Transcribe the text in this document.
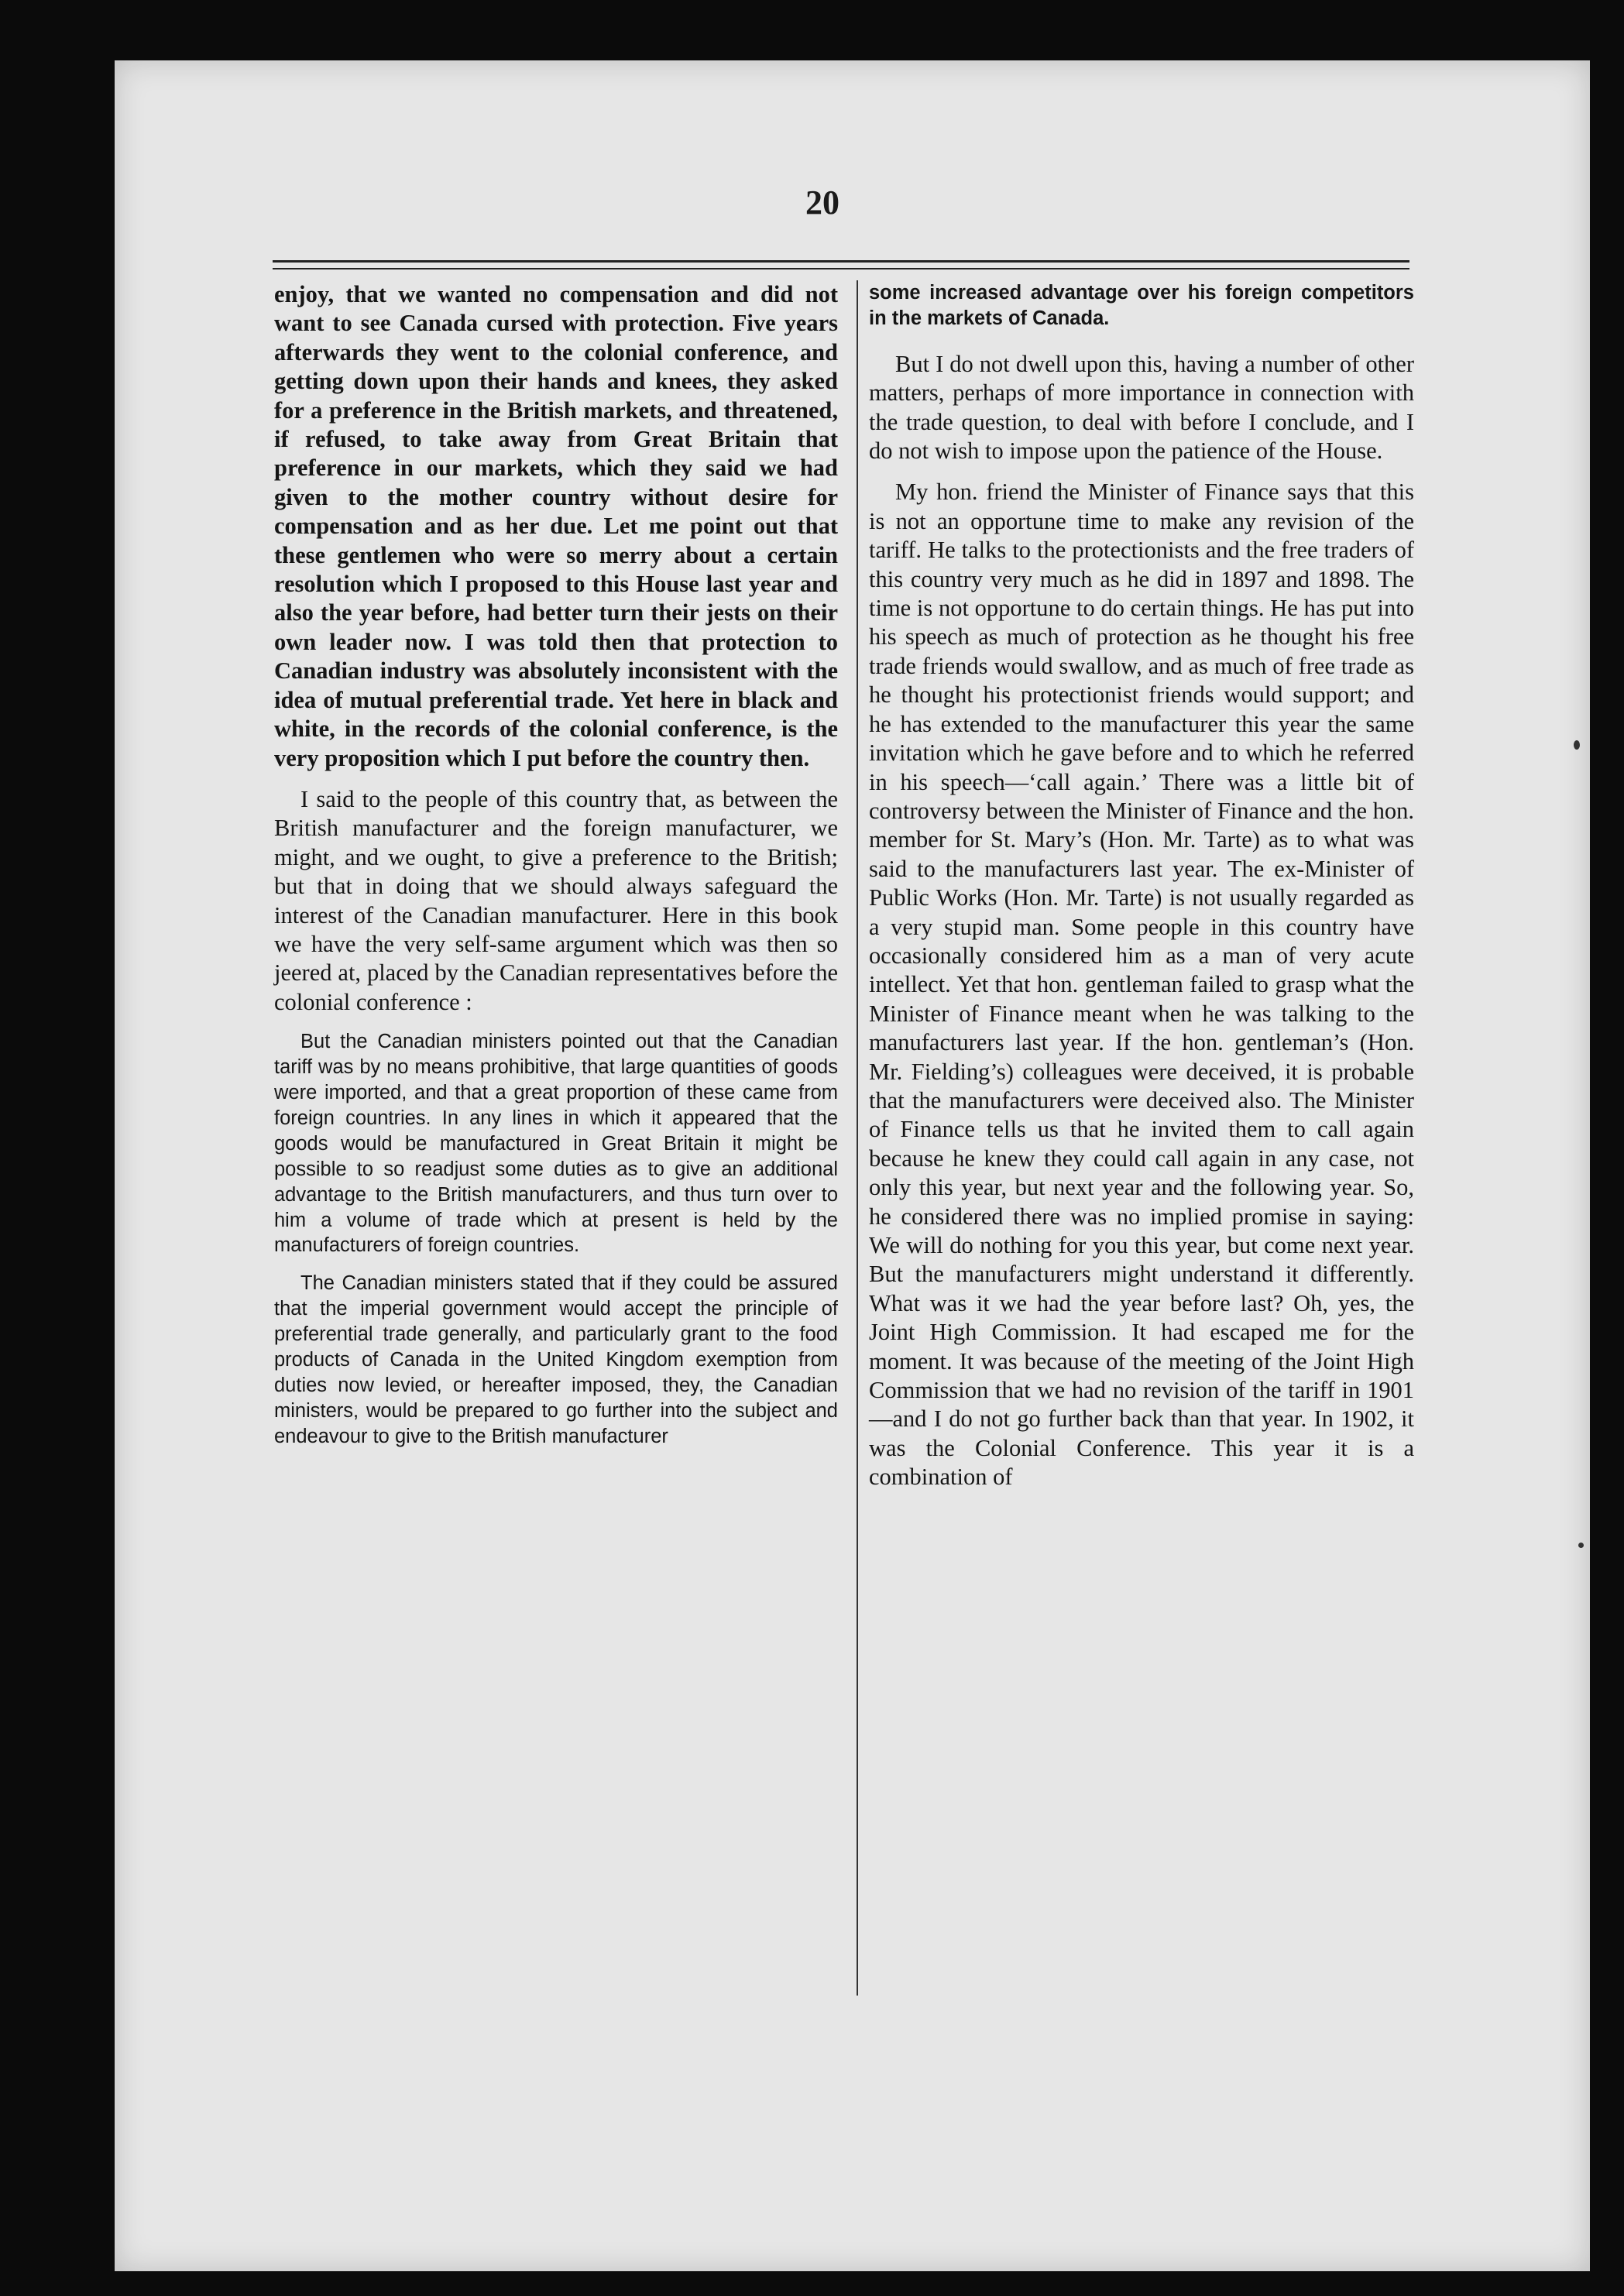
20

enjoy, that we wanted no compensation and did not want to see Canada cursed with protection. Five years afterwards they went to the colonial conference, and getting down upon their hands and knees, they asked for a preference in the British markets, and threatened, if refused, to take away from Great Britain that preference in our markets, which they said we had given to the mother country without desire for compensation and as her due. Let me point out that these gentlemen who were so merry about a certain resolution which I proposed to this House last year and also the year before, had better turn their jests on their own leader now. I was told then that protection to Canadian industry was absolutely inconsistent with the idea of mutual preferential trade. Yet here in black and white, in the records of the colonial conference, is the very proposition which I put before the country then.

I said to the people of this country that, as between the British manufacturer and the foreign manufacturer, we might, and we ought, to give a preference to the British; but that in doing that we should always safeguard the interest of the Canadian manufacturer. Here in this book we have the very self-same argument which was then so jeered at, placed by the Canadian representatives before the colonial conference :

But the Canadian ministers pointed out that the Canadian tariff was by no means prohibitive, that large quantities of goods were imported, and that a great proportion of these came from foreign countries. In any lines in which it appeared that the goods would be manufactured in Great Britain it might be possible to so readjust some duties as to give an additional advantage to the British manufacturers, and thus turn over to him a volume of trade which at present is held by the manufacturers of foreign countries.

The Canadian ministers stated that if they could be assured that the imperial government would accept the principle of preferential trade generally, and particularly grant to the food products of Canada in the United Kingdom exemption from duties now levied, or hereafter imposed, they, the Canadian ministers, would be prepared to go further into the subject and endeavour to give to the British manufacturer

some increased advantage over his foreign competitors in the markets of Canada.

But I do not dwell upon this, having a number of other matters, perhaps of more importance in connection with the trade question, to deal with before I conclude, and I do not wish to impose upon the patience of the House.

My hon. friend the Minister of Finance says that this is not an opportune time to make any revision of the tariff. He talks to the protectionists and the free traders of this country very much as he did in 1897 and 1898. The time is not opportune to do certain things. He has put into his speech as much of protection as he thought his free trade friends would swallow, and as much of free trade as he thought his protectionist friends would support; and he has extended to the manufacturer this year the same invitation which he gave before and to which he referred in his speech—‘call again.’ There was a little bit of controversy between the Minister of Finance and the hon. member for St. Mary’s (Hon. Mr. Tarte) as to what was said to the manufacturers last year. The ex-Minister of Public Works (Hon. Mr. Tarte) is not usually regarded as a very stupid man. Some people in this country have occasionally considered him as a man of very acute intellect. Yet that hon. gentleman failed to grasp what the Minister of Finance meant when he was talking to the manufacturers last year. If the hon. gentleman’s (Hon. Mr. Fielding’s) colleagues were deceived, it is probable that the manufacturers were deceived also. The Minister of Finance tells us that he invited them to call again because he knew they could call again in any case, not only this year, but next year and the following year. So, he considered there was no implied promise in saying: We will do nothing for you this year, but come next year. But the manufacturers might understand it differently. What was it we had the year before last? Oh, yes, the Joint High Commission. It had escaped me for the moment. It was because of the meeting of the Joint High Commission that we had no revision of the tariff in 1901—and I do not go further back than that year. In 1902, it was the Colonial Conference. This year it is a combination of
